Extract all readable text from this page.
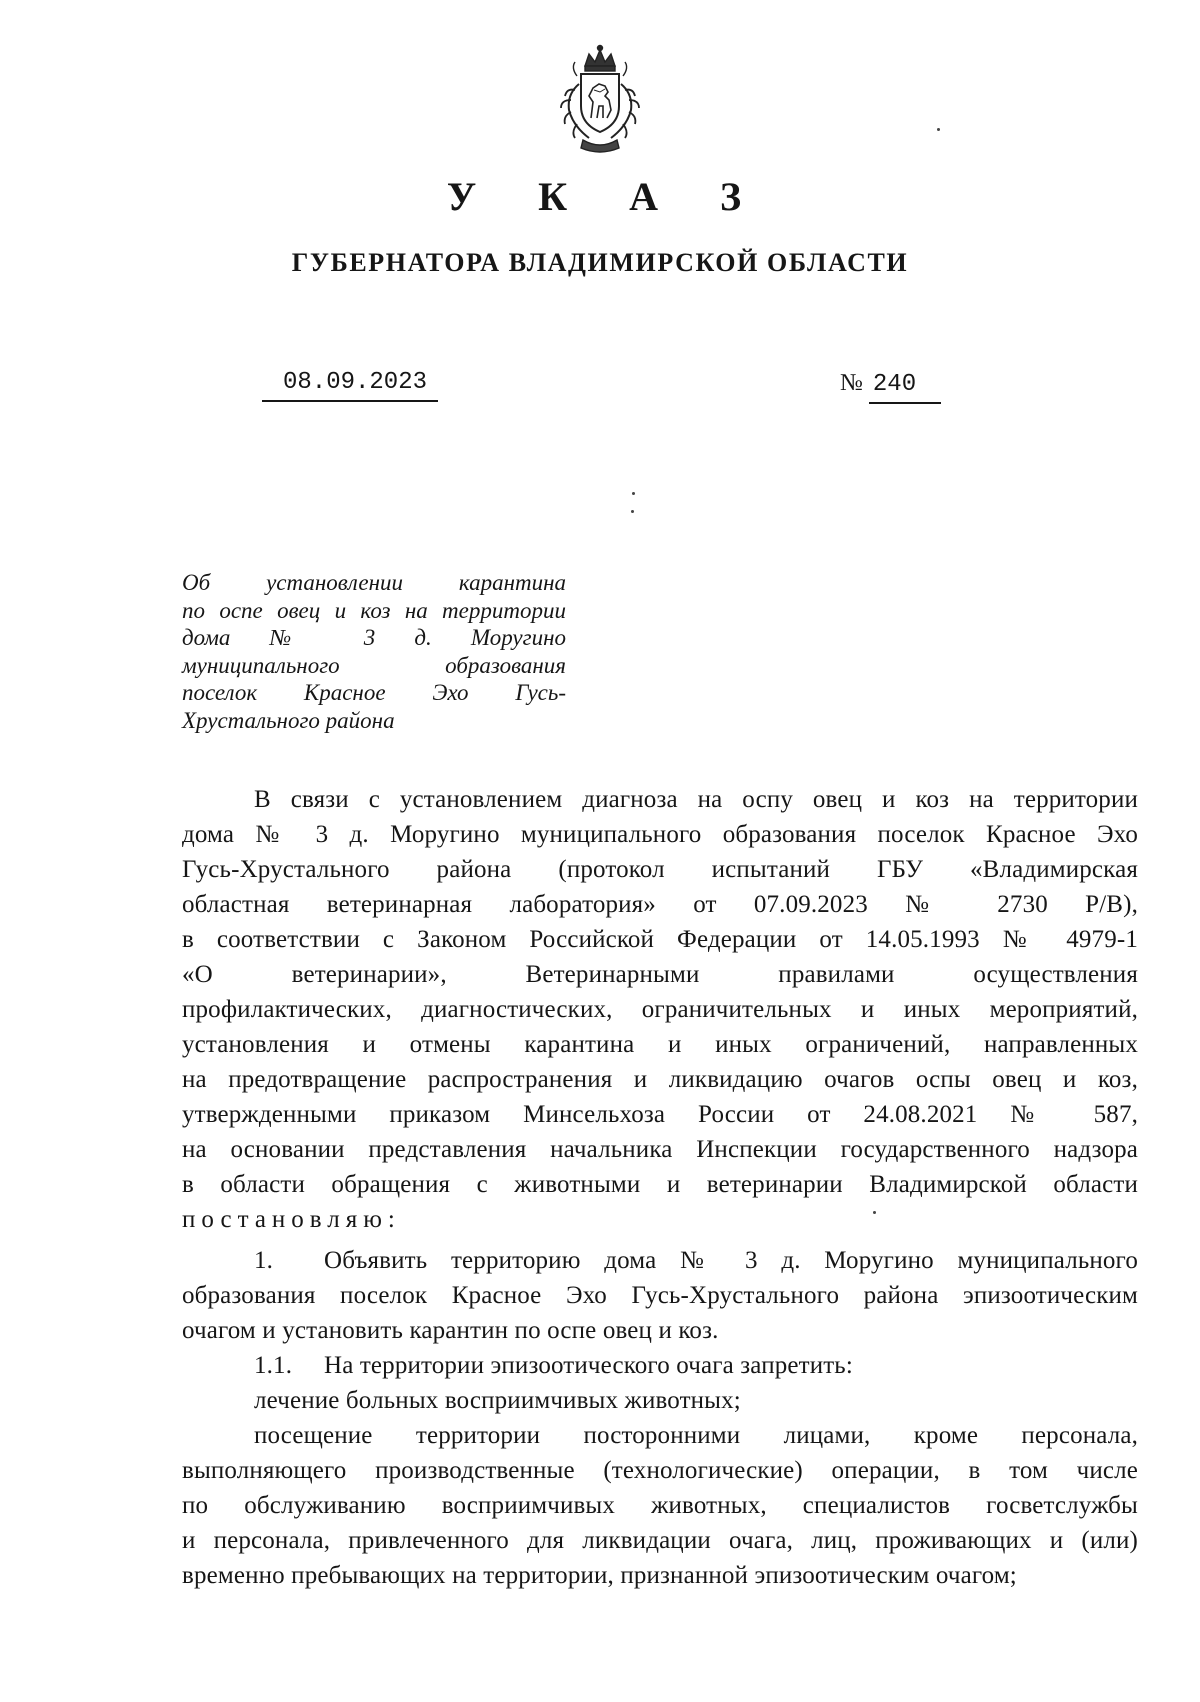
У К А З
ГУБЕРНАТОРА ВЛАДИМИРСКОЙ ОБЛАСТИ
08.09.2023	№ 240
Об установлении карантина
по оспе овец и коз на территории
дома № 3 д. Моругино
муниципального образования
поселок Красное Эхо Гусь-
Хрустального района
В связи с установлением диагноза на оспу овец и коз на территории
дома № 3 д. Моругино муниципального образования поселок Красное Эхо
Гусь-Хрустального района (протокол испытаний ГБУ «Владимирская
областная ветеринарная лаборатория» от 07.09.2023 № 2730 Р/В),
в соответствии с Законом Российской Федерации от 14.05.1993 № 4979-1
«О ветеринарии», Ветеринарными правилами осуществления
профилактических, диагностических, ограничительных и иных мероприятий,
установления и отмены карантина и иных ограничений, направленных
на предотвращение распространения и ликвидацию очагов оспы овец и коз,
утвержденными приказом Минсельхоза России от 24.08.2021 № 587,
на основании представления начальника Инспекции государственного надзора
в области обращения с животными и ветеринарии Владимирской области
постановляю:
1. Объявить территорию дома № 3 д. Моругино муниципального
образования поселок Красное Эхо Гусь-Хрустального района эпизоотическим
очагом и установить карантин по оспе овец и коз.
1.1. На территории эпизоотического очага запретить:
лечение больных восприимчивых животных;
посещение территории посторонними лицами, кроме персонала,
выполняющего производственные (технологические) операции, в том числе
по обслуживанию восприимчивых животных, специалистов госветслужбы
и персонала, привлеченного для ликвидации очага, лиц, проживающих и (или)
временно пребывающих на территории, признанной эпизоотическим очагом;
